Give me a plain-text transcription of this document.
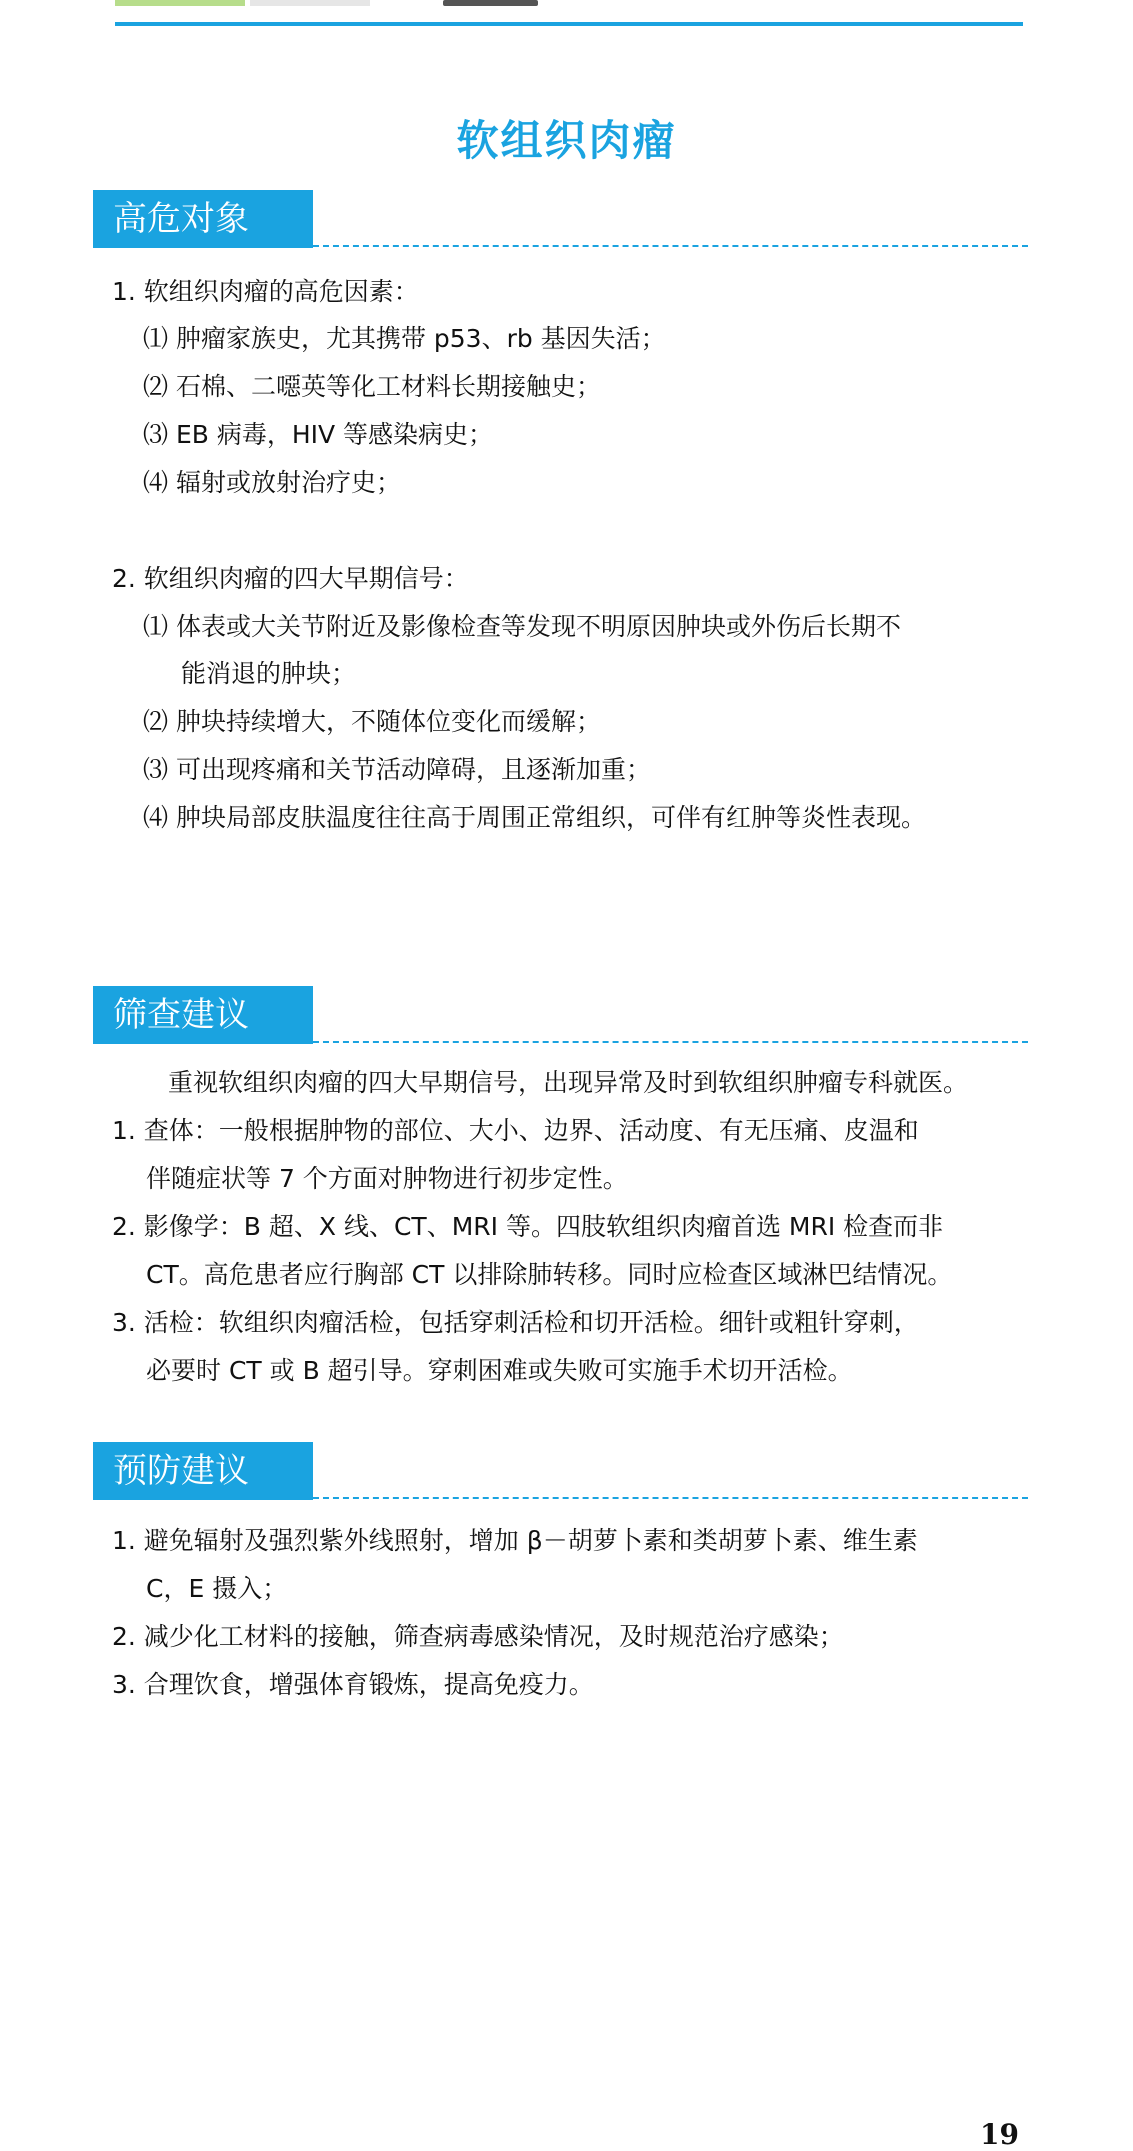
软组织肉瘤
高危对象
1. 软组织肉瘤的高危因素：
⑴ 肿瘤家族史，尤其携带 p53、rb 基因失活；
⑵ 石棉、二噁英等化工材料长期接触史；
⑶ EB 病毒，HIV 等感染病史；
⑷ 辐射或放射治疗史；
2. 软组织肉瘤的四大早期信号：
⑴ 体表或大关节附近及影像检查等发现不明原因肿块或外伤后长期不
能消退的肿块；
⑵ 肿块持续增大，不随体位变化而缓解；
⑶ 可出现疼痛和关节活动障碍，且逐渐加重；
⑷ 肿块局部皮肤温度往往高于周围正常组织，可伴有红肿等炎性表现。
筛查建议
重视软组织肉瘤的四大早期信号，出现异常及时到软组织肿瘤专科就医。
1. 查体：一般根据肿物的部位、大小、边界、活动度、有无压痛、皮温和
伴随症状等 7 个方面对肿物进行初步定性。
2. 影像学：B 超、X 线、CT、MRI 等。四肢软组织肉瘤首选 MRI 检查而非
CT。高危患者应行胸部 CT 以排除肺转移。同时应检查区域淋巴结情况。
3. 活检：软组织肉瘤活检，包括穿刺活检和切开活检。细针或粗针穿刺，
必要时 CT 或 B 超引导。穿刺困难或失败可实施手术切开活检。
预防建议
1. 避免辐射及强烈紫外线照射，增加 β－胡萝卜素和类胡萝卜素、维生素
C，E 摄入；
2. 减少化工材料的接触，筛查病毒感染情况，及时规范治疗感染；
3. 合理饮食，增强体育锻炼，提高免疫力。
19
